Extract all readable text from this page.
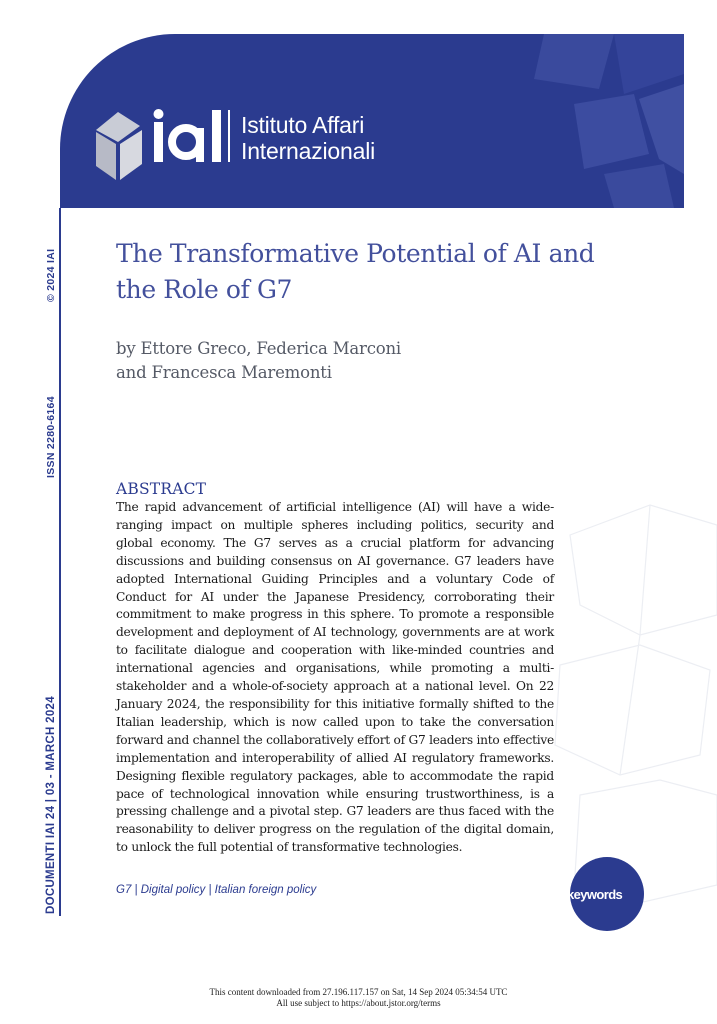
Istituto Affari
Internazionali
© 2024 IAI
ISSN 2280-6164
DOCUMENTI IAI 24 | 03 - MARCH 2024
The Transformative Potential of AI and the Role of G7
by Ettore Greco, Federica Marconi
and Francesca Maremonti
ABSTRACT

The rapid advancement of artificial intelligence (AI) will have a wide-ranging impact on multiple spheres including politics, security and global economy. The G7 serves as a crucial platform for advancing discussions and building consensus on AI governance. G7 leaders have adopted International Guiding Principles and a voluntary Code of Conduct for AI under the Japanese Presidency, corroborating their commitment to make progress in this sphere. To promote a responsible development and deployment of AI technology, governments are at work to facilitate dialogue and cooperation with like-minded countries and international agencies and organisations, while promoting a multi-stakeholder and a whole-of-society approach at a national level. On 22 January 2024, the responsibility for this initiative formally shifted to the Italian leadership, which is now called upon to take the conversation forward and channel the collaboratively effort of G7 leaders into effective implementation and interoperability of allied AI regulatory frameworks. Designing flexible regulatory packages, able to accommodate the rapid pace of technological innovation while ensuring trustworthiness, is a pressing challenge and a pivotal step. G7 leaders are thus faced with the reasonability to deliver progress on the regulation of the digital domain, to unlock the full potential of transformative technologies.

G7 | Digital policy | Italian foreign policy	keywords
This content downloaded from 27.196.117.157 on Sat, 14 Sep 2024 05:34:54 UTC
All use subject to https://about.jstor.org/terms
